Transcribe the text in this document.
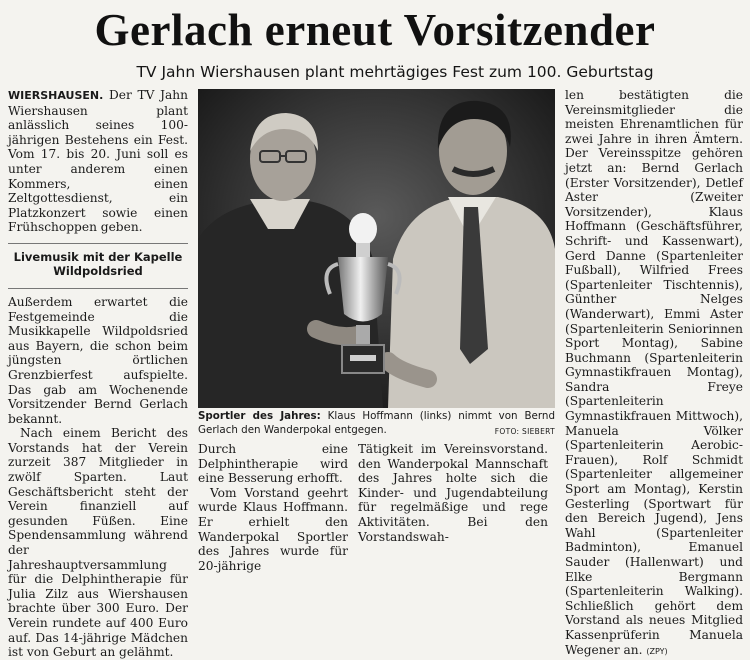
Gerlach erneut Vorsitzender
TV Jahn Wiershausen plant mehrtägiges Fest zum 100. Geburtstag

WIERSHAUSEN. Der TV Jahn Wiershausen plant anlässlich seines 100-jährigen Bestehens ein Fest. Vom 17. bis 20. Juni soll es unter anderem einen Kommers, einen Zeltgottesdienst, ein Platzkonzert sowie einen Frühschoppen geben.

Livemusik mit der Kapelle Wildpoldsried

Außerdem erwartet die Festgemeinde die Musikkapelle Wildpoldsried aus Bayern, die schon beim jüngsten örtlichen Grenzbierfest aufspielte. Das gab am Wochenende Vorsitzender Bernd Gerlach bekannt.

Nach einem Bericht des Vorstands hat der Verein zurzeit 387 Mitglieder in zwölf Sparten. Laut Geschäftsbericht steht der Verein finanziell auf gesunden Füßen. Eine Spendensammlung während der Jahreshauptversammlung für die Delphintherapie für Julia Zilz aus Wiershausen brachte über 300 Euro. Der Verein rundete auf 400 Euro auf. Das 14-jährige Mädchen ist von Geburt an gelähmt.

Sportler des Jahres: Klaus Hoffmann (links) nimmt von Bernd Gerlach den Wanderpokal entgegen.	FOTO: SIEBERT

Durch eine Delphintherapie wird eine Besserung erhofft.

Vom Vorstand geehrt wurde Klaus Hoffmann. Er erhielt den Wanderpokal Sportler des Jahres wurde für 20-jährige

Tätigkeit im Vereinsvorstand. den Wanderpokal Mannschaft des Jahres holte sich die Kinder- und Jugendabteilung für regelmäßige und rege Aktivitäten. Bei den Vorstandswah-

len bestätigten die Vereinsmitglieder die meisten Ehrenamtlichen für zwei Jahre in ihren Ämtern. Der Vereinsspitze gehören jetzt an: Bernd Gerlach (Erster Vorsitzender), Detlef Aster (Zweiter Vorsitzender), Klaus Hoffmann (Geschäftsführer, Schrift- und Kassenwart), Gerd Danne (Spartenleiter Fußball), Wilfried Frees (Spartenleiter Tischtennis), Günther Nelges (Wanderwart), Emmi Aster (Spartenleiterin Seniorinnen Sport Montag), Sabine Buchmann (Spartenleiterin Gymnastikfrauen Montag), Sandra Freye (Spartenleiterin Gymnastikfrauen Mittwoch), Manuela Völker (Spartenleiterin Aerobic-Frauen), Rolf Schmidt (Spartenleiter allgemeiner Sport am Montag), Kerstin Gesterling (Sportwart für den Bereich Jugend), Jens Wahl (Spartenleiter Badminton), Emanuel Sauder (Hallenwart) und Elke Bergmann (Spartenleiterin Walking). Schließlich gehört dem Vorstand als neues Mitglied Kassenprüferin Manuela Wegener an. (ZPY)
